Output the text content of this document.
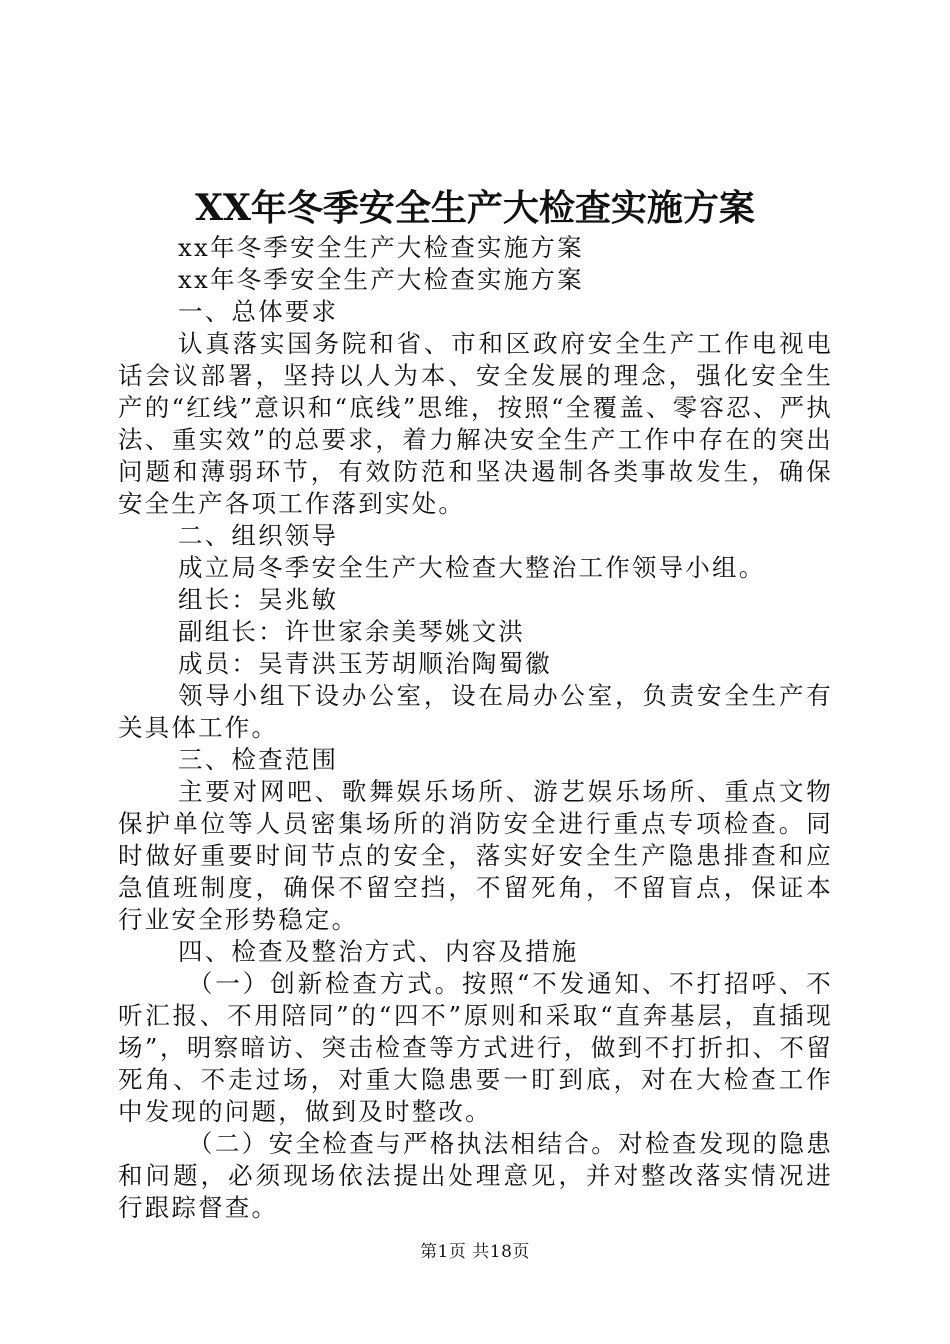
XX年冬季安全生产大检查实施方案

xx年冬季安全生产大检查实施方案

xx年冬季安全生产大检查实施方案

一、总体要求

认真落实国务院和省、市和区政府安全生产工作电视电话会议部署，坚持以人为本、安全发展的理念，强化安全生产的“红线”意识和“底线”思维，按照“全覆盖、零容忍、严执法、重实效”的总要求，着力解决安全生产工作中存在的突出问题和薄弱环节，有效防范和坚决遏制各类事故发生，确保安全生产各项工作落到实处。

二、组织领导

成立局冬季安全生产大检查大整治工作领导小组。

组长：吴兆敏

副组长：许世家余美琴姚文洪

成员：吴青洪玉芳胡顺治陶蜀徽

领导小组下设办公室，设在局办公室，负责安全生产有关具体工作。

三、检查范围

主要对网吧、歌舞娱乐场所、游艺娱乐场所、重点文物保护单位等人员密集场所的消防安全进行重点专项检查。同时做好重要时间节点的安全，落实好安全生产隐患排查和应急值班制度，确保不留空挡，不留死角，不留盲点，保证本行业安全形势稳定。

四、检查及整治方式、内容及措施

（一）创新检查方式。按照“不发通知、不打招呼、不听汇报、不用陪同”的“四不”原则和采取“直奔基层，直插现场”，明察暗访、突击检查等方式进行，做到不打折扣、不留死角、不走过场，对重大隐患要一盯到底，对在大检查工作中发现的问题，做到及时整改。

（二）安全检查与严格执法相结合。对检查发现的隐患和问题，必须现场依法提出处理意见，并对整改落实情况进行跟踪督查。

第1页 共18页
